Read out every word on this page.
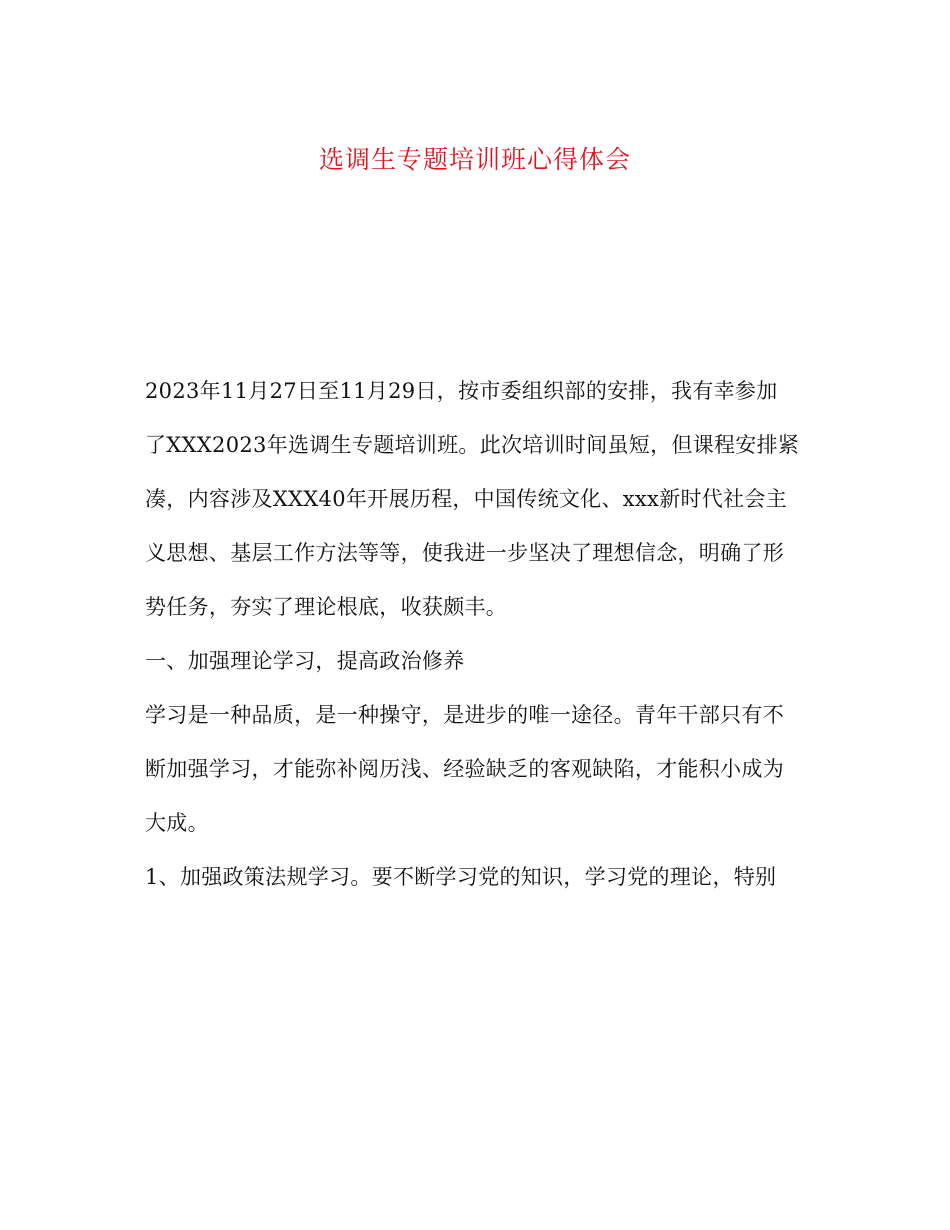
选调生专题培训班心得体会
2023年11月27日至11月29日，按市委组织部的安排，我有幸参加
了XXX2023年选调生专题培训班。此次培训时间虽短，但课程安排紧
凑，内容涉及XXX40年开展历程，中国传统文化、xxx新时代社会主
义思想、基层工作方法等等，使我进一步坚决了理想信念，明确了形
势任务，夯实了理论根底，收获颇丰。
一、加强理论学习，提高政治修养
学习是一种品质，是一种操守，是进步的唯一途径。青年干部只有不
断加强学习，才能弥补阅历浅、经验缺乏的客观缺陷，才能积小成为
大成。
1、加强政策法规学习。要不断学习党的知识，学习党的理论，特别
